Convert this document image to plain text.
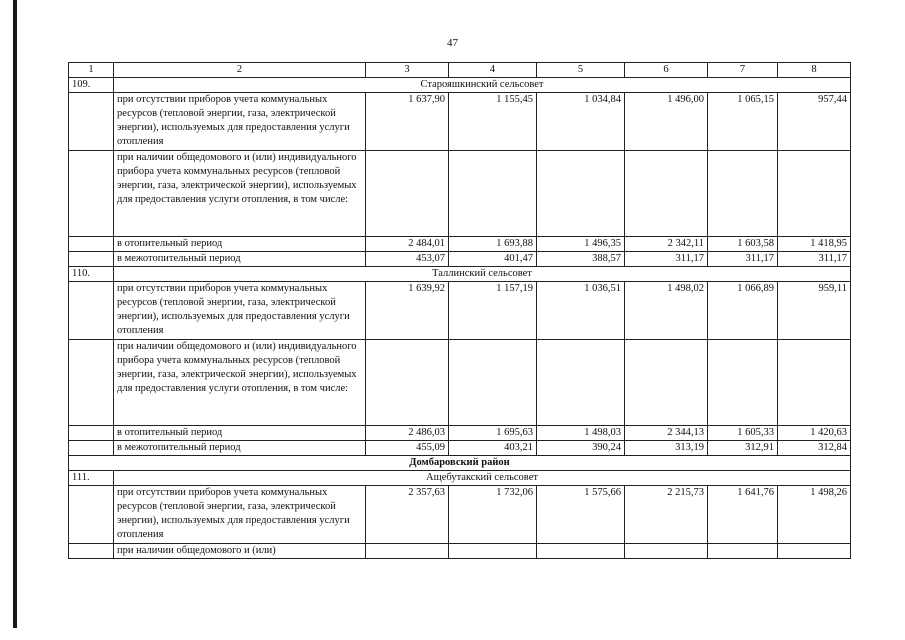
47
1	2	3	4	5	6	7	8
109.	Старояшкинский сельсовет						
	при отсутствии приборов учета коммунальных ресурсов (тепловой энергии, газа, электрической энергии), используемых для предоставления услуги отопления	1 637,90	1 155,45	1 034,84	1 496,00	1 065,15	957,44
	при наличии общедомового и (или) индивидуального прибора учета коммунальных ресурсов (тепловой энергии, газа, электрической энергии), используемых для предоставления услуги отопления, в том числе:						
	в отопительный период	2 484,01	1 693,88	1 496,35	2 342,11	1 603,58	1 418,95
	в межотопительный период	453,07	401,47	388,57	311,17	311,17	311,17
110.	Таллинский сельсовет						
	при отсутствии приборов учета коммунальных ресурсов (тепловой энергии, газа, электрической энергии), используемых для предоставления услуги отопления	1 639,92	1 157,19	1 036,51	1 498,02	1 066,89	959,11
	при наличии общедомового и (или) индивидуального прибора учета коммунальных ресурсов (тепловой энергии, газа, электрической энергии), используемых для предоставления услуги отопления, в том числе:						
	в отопительный период	2 486,03	1 695,63	1 498,03	2 344,13	1 605,33	1 420,63
	в межотопительный период	455,09	403,21	390,24	313,19	312,91	312,84
Домбаровский район							
111.	Ащебутакский сельсовет						
	при отсутствии приборов учета коммунальных ресурсов (тепловой энергии, газа, электрической энергии), используемых для предоставления услуги отопления	2 357,63	1 732,06	1 575,66	2 215,73	1 641,76	1 498,26
	при наличии общедомового и (или)						
